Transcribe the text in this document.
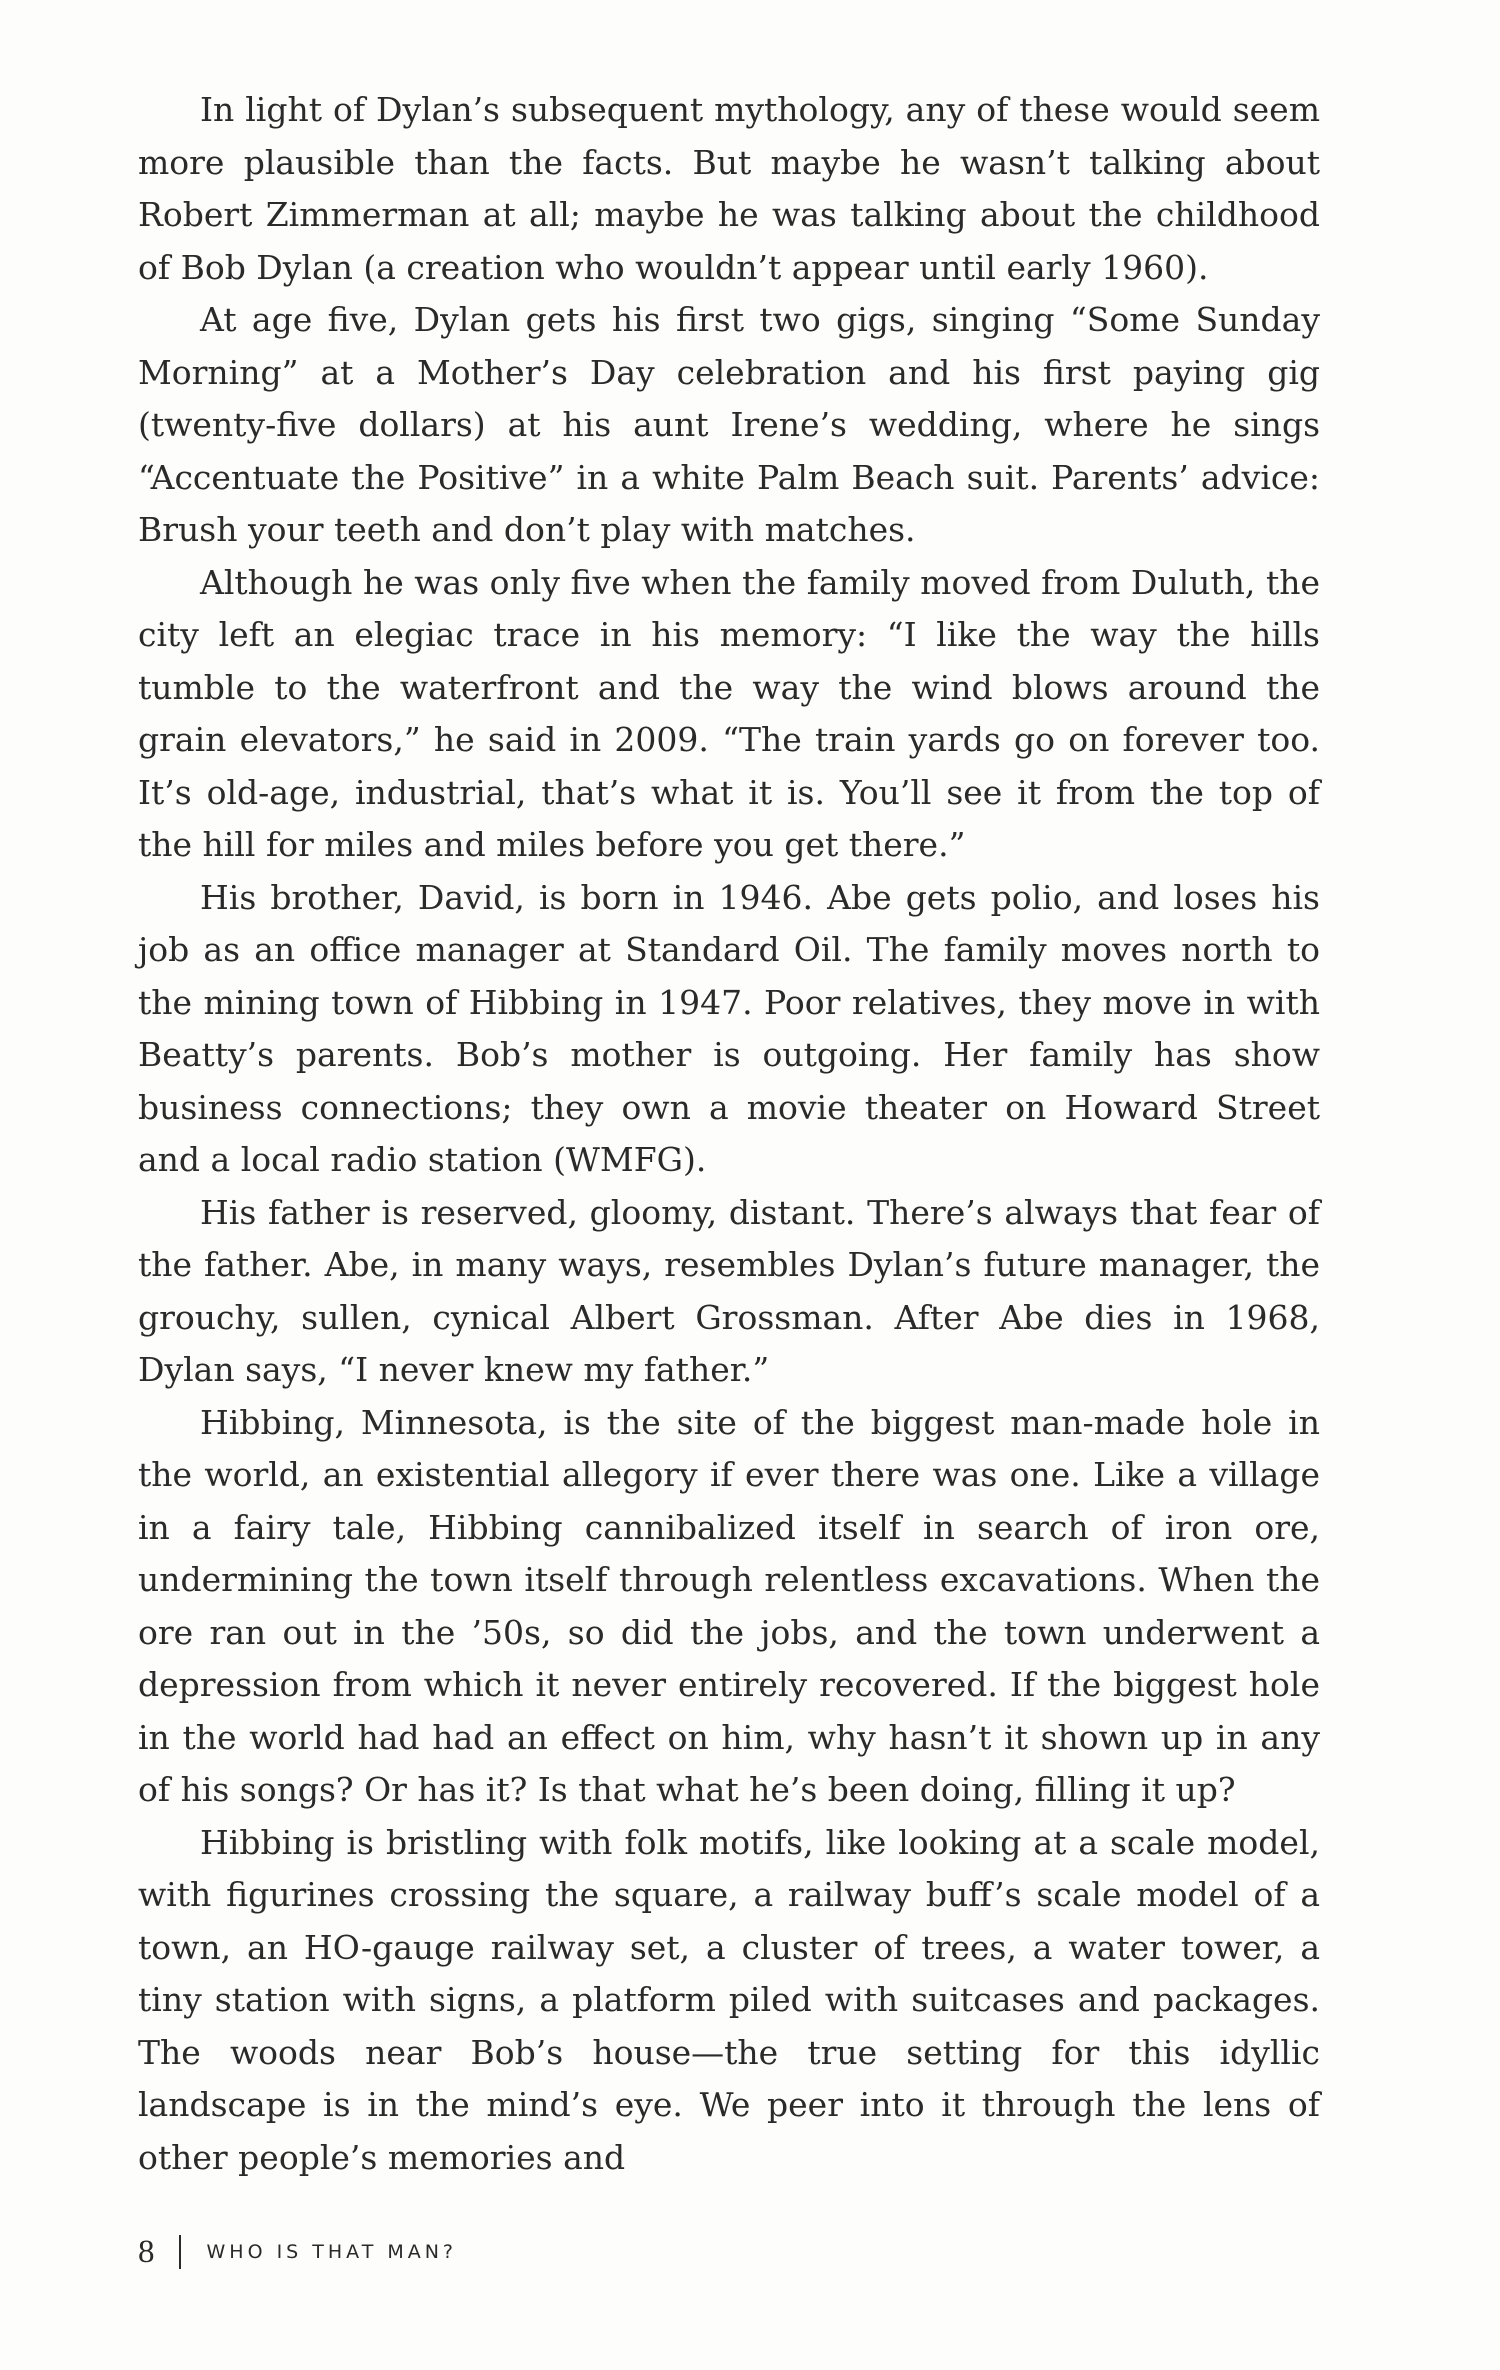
In light of Dylan’s subsequent mythology, any of these would seem more plausible than the facts. But maybe he wasn’t talking about Robert Zimmerman at all; maybe he was talking about the childhood of Bob Dylan (a creation who wouldn’t appear until early 1960).

At age five, Dylan gets his first two gigs, singing “Some Sunday Morning” at a Mother’s Day celebration and his first paying gig (twenty-five dollars) at his aunt Irene’s wedding, where he sings “Accentuate the Positive” in a white Palm Beach suit. Parents’ advice: Brush your teeth and don’t play with matches.

Although he was only five when the family moved from Duluth, the city left an elegiac trace in his memory: “I like the way the hills tumble to the waterfront and the way the wind blows around the grain elevators,” he said in 2009. “The train yards go on forever too. It’s old-age, industrial, that’s what it is. You’ll see it from the top of the hill for miles and miles before you get there.”

His brother, David, is born in 1946. Abe gets polio, and loses his job as an office manager at Standard Oil. The family moves north to the mining town of Hibbing in 1947. Poor relatives, they move in with Beatty’s parents. Bob’s mother is outgoing. Her family has show business connections; they own a movie theater on Howard Street and a local radio station (WMFG).

His father is reserved, gloomy, distant. There’s always that fear of the father. Abe, in many ways, resembles Dylan’s future manager, the grouchy, sullen, cynical Albert Grossman. After Abe dies in 1968, Dylan says, “I never knew my father.”

Hibbing, Minnesota, is the site of the biggest man-made hole in the world, an existential allegory if ever there was one. Like a village in a fairy tale, Hibbing cannibalized itself in search of iron ore, undermining the town itself through relentless excavations. When the ore ran out in the ’50s, so did the jobs, and the town underwent a depression from which it never entirely recovered. If the biggest hole in the world had had an effect on him, why hasn’t it shown up in any of his songs? Or has it? Is that what he’s been doing, filling it up?

Hibbing is bristling with folk motifs, like looking at a scale model, with figurines crossing the square, a railway buff’s scale model of a town, an HO-gauge railway set, a cluster of trees, a water tower, a tiny station with signs, a platform piled with suitcases and packages. The woods near Bob’s house—the true setting for this idyllic landscape is in the mind’s eye. We peer into it through the lens of other people’s memories and

8	WHO IS THAT MAN?
